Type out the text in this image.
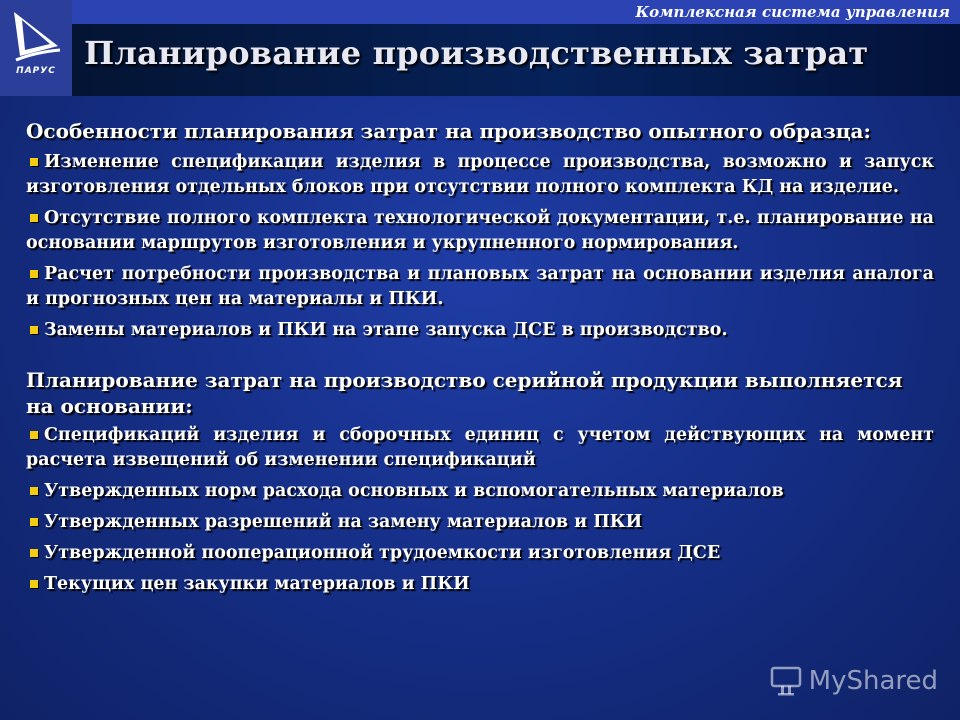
ПАРУС
Комплексная система управления
Планирование производственных затрат
Особенности планирования затрат на производство опытного образца:
Изменение спецификации изделия в процессе производства, возможно и запуск изготовления отдельных блоков при отсутствии полного комплекта КД на изделие.
Отсутствие полного комплекта технологической документации, т.е. планирование на основании маршрутов изготовления и укрупненного нормирования.
Расчет потребности производства и плановых затрат на основании изделия аналога и прогнозных цен на материалы и ПКИ.
Замены материалов и ПКИ на этапе запуска ДСЕ в производство.
Планирование затрат на производство серийной продукции выполняется на основании:
Спецификаций изделия и сборочных единиц с учетом действующих на момент расчета извещений об изменении спецификаций
Утвержденных норм расхода основных и вспомогательных материалов
Утвержденных разрешений на замену материалов и ПКИ
Утвержденной пооперационной трудоемкости изготовления ДСЕ
Текущих цен закупки материалов и ПКИ
MyShared
